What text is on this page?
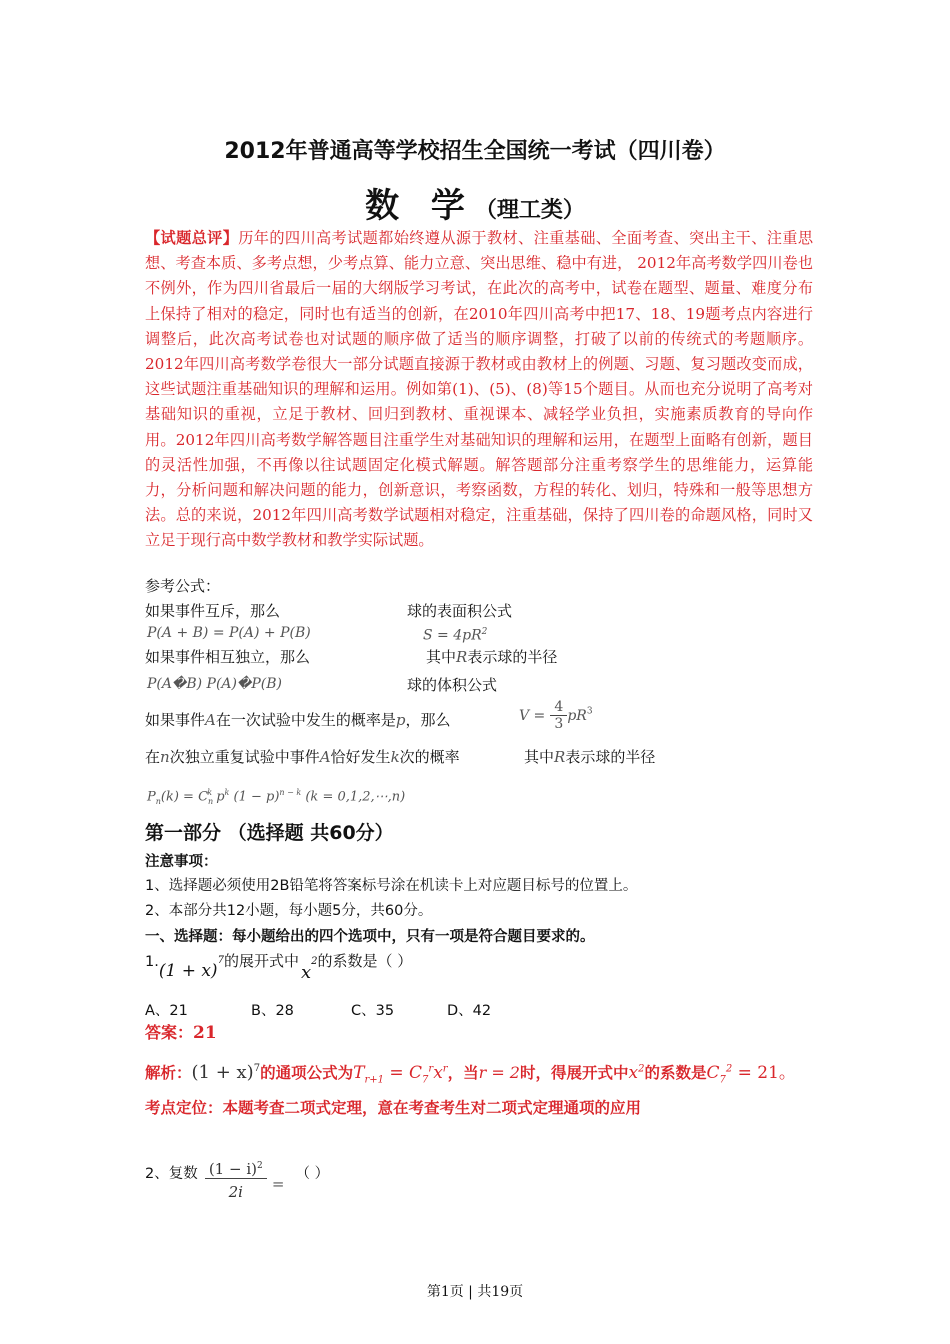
2012年普通高等学校招生全国统一考试（四川卷）
数 学（理工类）
【试题总评】历年的四川高考试题都始终遵从源于教材、注重基础、全面考查、突出主干、注重思想、考查本质、多考点想，少考点算、能力立意、突出思维、稳中有进， 2012年高考数学四川卷也不例外，作为四川省最后一届的大纲版学习考试，在此次的高考中，试卷在题型、题量、难度分布上保持了相对的稳定，同时也有适当的创新，在2010年四川高考中把17、18、19题考点内容进行调整后，此次高考试卷也对试题的顺序做了适当的顺序调整，打破了以前的传统式的考题顺序。2012年四川高考数学卷很大一部分试题直接源于教材或由教材上的例题、习题、复习题改变而成，这些试题注重基础知识的理解和运用。例如第(1)、(5)、(8)等15个题目。从而也充分说明了高考对基础知识的重视，立足于教材、回归到教材、重视课本、减轻学业负担，实施素质教育的导向作用。2012年四川高考数学解答题目注重学生对基础知识的理解和运用，在题型上面略有创新，题目的灵活性加强，不再像以往试题固定化模式解题。解答题部分注重考察学生的思维能力，运算能力，分析问题和解决问题的能力，创新意识，考察函数，方程的转化、划归，特殊和一般等思想方法。总的来说，2012年四川高考数学试题相对稳定，注重基础，保持了四川卷的命题风格，同时又立足于现行高中数学教材和教学实际试题。
参考公式：
如果事件互斥，那么	球的表面积公式
P(A + B) = P(A) + P(B)	$S = 4pR^2$
如果事件相互独立，那么	其中R表示球的半径
P(A�B) P(A)�P(B)	球的体积公式
如果事件A在一次试验中发生的概率是p，那么	$V = \frac{4}{3} pR^3$
在n次独立重复试验中事件A恰好发生k次的概率	其中R表示球的半径
$P_n(k) = C_n^k$ $p^k$ $(1 - p)^{n - k}$ (k = 0,1,2,⋯,n)
第一部分 （选择题 共60分）
注意事项：
1、选择题必须使用2B铅笔将答案标号涂在机读卡上对应题目标号的位置上。
2、本部分共12小题，每小题5分，共60分。
一、选择题：每小题给出的四个选项中，只有一项是符合题目要求的。
$1.(1 + x)^7$的展开式中$x^2$的系数是（ ）
A、21	B、28	C、35	D、42
答案：21
解析：$(1 + x)^7$的通项公式为$T_{r+1} = C_7^rx^r$，当r = 2时，得展开式中$x^2$的系数是$C_7^2 = 21$。
考点定位：本题考查二项式定理，意在考查考生对二项式定理通项的应用
2、复数 $\frac{(1 - i)^2}{2i}$ = （ ）
第1页 | 共19页
